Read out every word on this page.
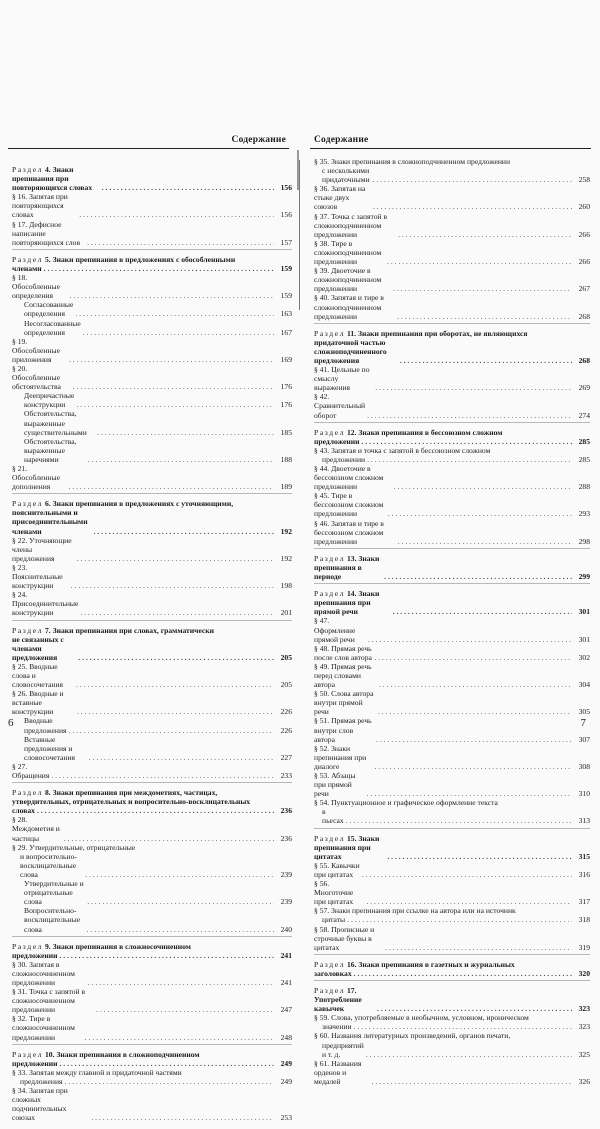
Содержание
Раздел 4. Знаки препинания при повторяющихся словах . . .	156
§ 16. Запятая при повторяющихся словах . . .	156
§ 17. Дефисное написание повторяющихся слов . . .	157
Раздел 5. Знаки препинания в предложениях с обособленными
членами . . .	159
§ 18. Обособленные определения . . .	159
Согласованные определения . . .	163
Несогласованные определения . . .	167
§ 19. Обособленные приложения . . .	169
§ 20. Обособленные обстоятельства . . .	176
Деепричастные конструкции . . .	176
Обстоятельства, выраженные существительными . . .	185
Обстоятельства, выраженные наречиями . . .	188
§ 21. Обособленные дополнения . . .	189
Раздел 6. Знаки препинания в предложениях с уточняющими,
пояснительными и присоединительными членами . . .	192
§ 22. Уточняющие члены предложения . . .	192
§ 23. Пояснительные конструкции . . .	198
§ 24. Присоединительные конструкции . . .	201
Раздел 7. Знаки препинания при словах, грамматически
не связанных с членами предложения . . .	205
§ 25. Вводные слова и словосочетания . . .	205
§ 26. Вводные и вставные конструкции . . .	226
Вводные предложения . . .	226
Вставные предложения и словосочетания . . .	227
§ 27. Обращения . . .	233
Раздел 8. Знаки препинания при междометиях, частицах,
утвердительных, отрицательных и вопросительно-восклицательных
словах . . .	236
§ 28. Междометия и частицы . . .	236
§ 29. Утвердительные, отрицательные
и вопросительно-восклицательные слова . . .	239
Утвердительные и отрицательные слова . . .	239
Вопросительно-восклицательные слова . . .	240
Раздел 9. Знаки препинания в сложносочиненном
предложении . . .	241
§ 30. Запятая в сложносочиненном предложении . . .	241
§ 31. Точка с запятой в сложносочиненном предложении . . .	247
§ 32. Тире в сложносочиненном предложении . . .	248
Раздел 10. Знаки препинания в сложноподчиненном
предложении . . .	249
§ 33. Запятая между главной и придаточной частями
предложения . . .	249
§ 34. Запятая при сложных подчинительных союзах . . .	253
6
Содержание
§ 35. Знаки препинания в сложноподчиненном предложении
с несколькими придаточными . . .	258
§ 36. Запятая на стыке двух союзов . . .	260
§ 37. Точка с запятой в сложноподчиненном предложении . . .	266
§ 38. Тире в сложноподчиненном предложении . . .	266
§ 39. Двоеточие в сложноподчиненном предложении . . .	267
§ 40. Запятая и тире в сложноподчиненном предложении . . .	268
Раздел 11. Знаки препинания при оборотах, не являющихся
придаточной частью сложноподчиненного предложения . . .	268
§ 41. Цельные по смыслу выражения . . .	269
§ 42. Сравнительный оборот . . .	274
Раздел 12. Знаки препинания в бессоюзном сложном
предложении . . .	285
§ 43. Запятая и точка с запятой в бессоюзном сложном
предложении . . .	285
§ 44. Двоеточие в бессоюзном сложном предложении . . .	288
§ 45. Тире в бессоюзном сложном предложении . . .	293
§ 46. Запятая и тире в бессоюзном сложном предложении . . .	298
Раздел 13. Знаки препинания в периоде . . .	299
Раздел 14. Знаки препинания при прямой речи . . .	301
§ 47. Оформление прямой речи . . .	301
§ 48. Прямая речь после слов автора . . .	302
§ 49. Прямая речь перед словами автора . . .	304
§ 50. Слова автора внутри прямой речи . . .	305
§ 51. Прямая речь внутри слов автора . . .	307
§ 52. Знаки препинания при диалоге . . .	308
§ 53. Абзацы при прямой речи . . .	310
§ 54. Пунктуационное и графическое оформление текста
в пьесах . . .	313
Раздел 15. Знаки препинания при цитатах . . .	315
§ 55. Кавычки при цитатах . . .	316
§ 56. Многоточие при цитатах . . .	317
§ 57. Знаки препинания при ссылке на автора или на источник
цитаты . . .	318
§ 58. Прописные и строчные буквы в цитатах . . .	319
Раздел 16. Знаки препинания в газетных и журнальных
заголовках . . .	320
Раздел 17. Употребление кавычек . . .	323
§ 59. Слова, употребляемые в необычном, условном, ироническом
значении . . .	323
§ 60. Названия литературных произведений, органов печати,
предприятий и т. д. . . .	325
§ 61. Названия орденов и медалей . . .	326
7
